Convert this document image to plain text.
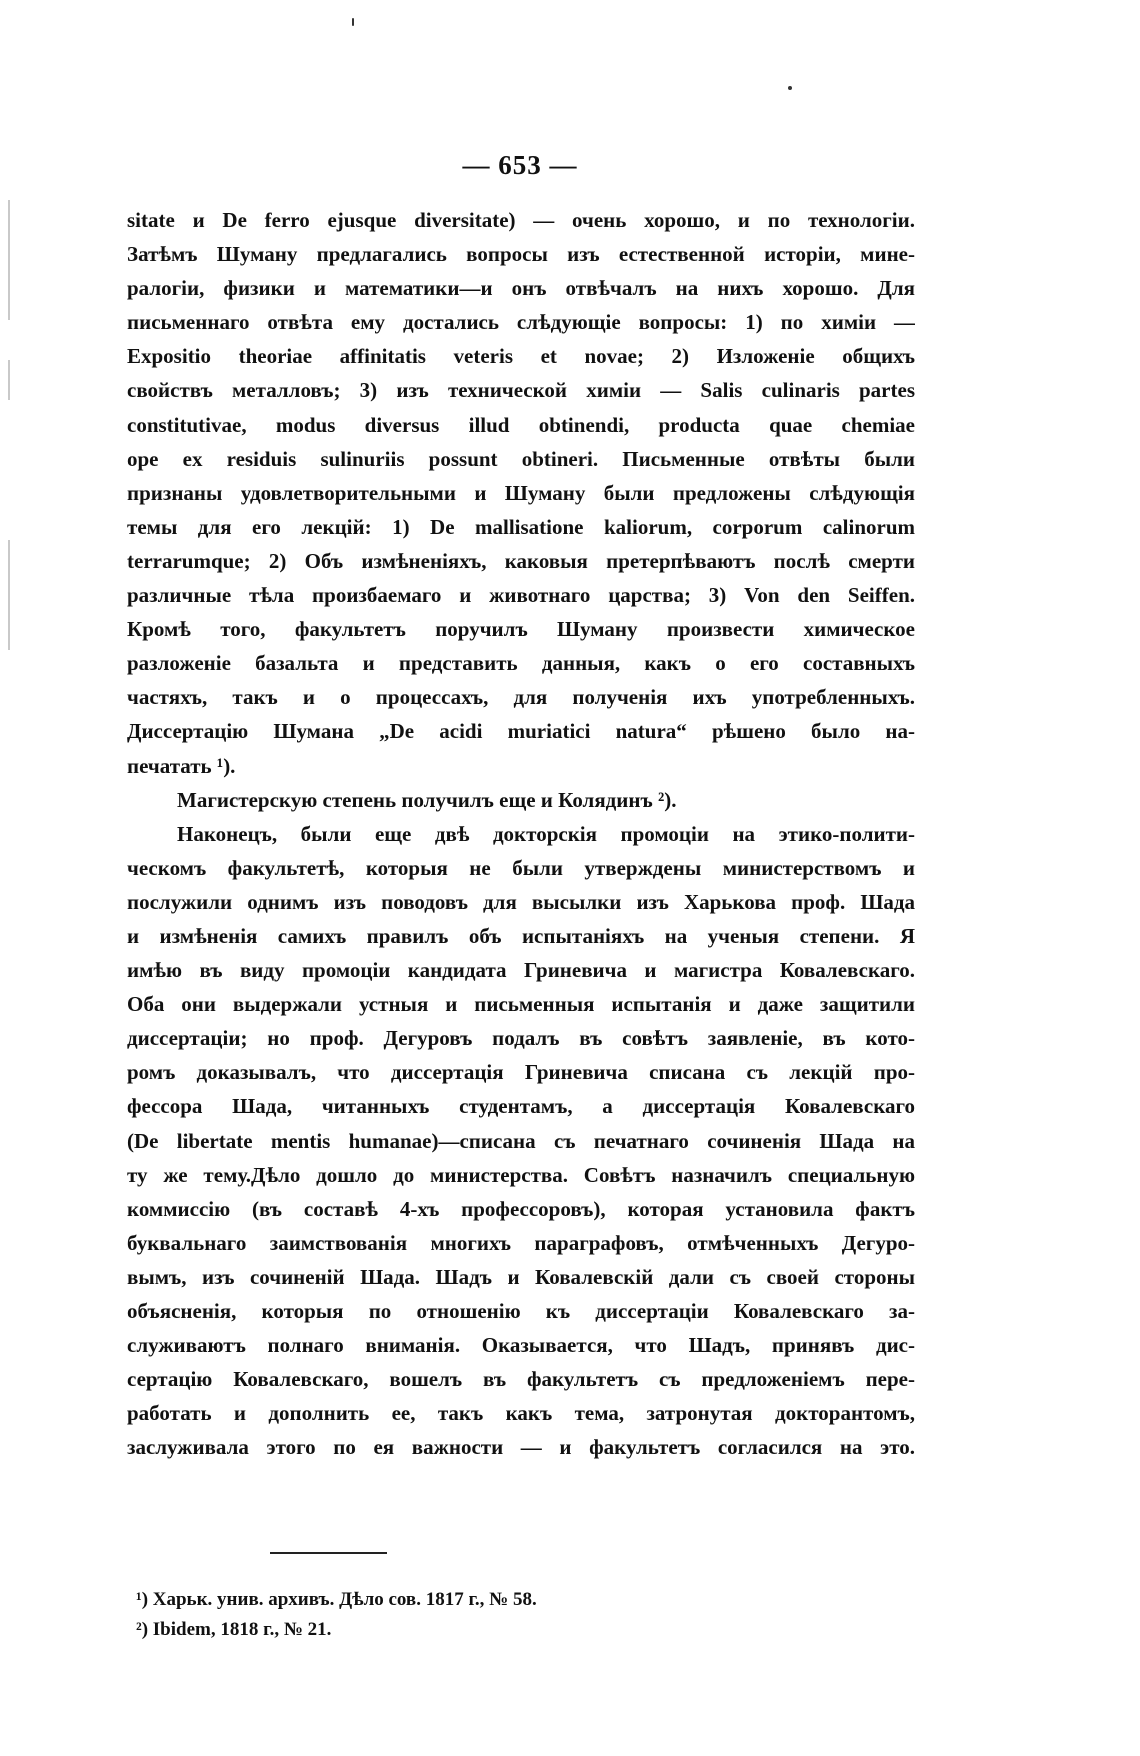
— 653 —
sitate и De ferro ejusque diversitate) — очень хорошо, и по технологіи.
Затѣмъ Шуману предлагались вопросы изъ естественной исторіи, мине-
ралогіи, физики и математики—и онъ отвѣчалъ на нихъ хорошо. Для
письменнаго отвѣта ему достались слѣдующіе вопросы: 1) по химіи —
Expositio theoriae affinitatis veteris et novae; 2) Изложеніе общихъ
свойствъ металловъ; 3) изъ технической химіи — Salis culinaris partes
constitutivae, modus diversus illud obtinendi, producta quae chemiae
ope ex residuis sulinuriis possunt obtineri. Письменные отвѣты были
признаны удовлетворительными и Шуману были предложены слѣдующія
темы для его лекцій: 1) De mallisatione kaliorum, corporum calinorum
terrarumque; 2) Объ измѣненіяхъ, каковыя претерпѣваютъ послѣ смерти
различные тѣла произбаемаго и животнаго царства; 3) Von den Seiffen.
Кромѣ того, факультетъ поручилъ Шуману произвести химическое
разложеніе базальта и представить данныя, какъ о его составныхъ
частяхъ, такъ и о процессахъ, для полученія ихъ употребленныхъ.
Диссертацію Шумана „De acidi muriatici natura“ рѣшено было на-
печатать ¹).
Магистерскую степень получилъ еще и Колядинъ ²).
Наконецъ, были еще двѣ докторскія промоціи на этико-полити-
ческомъ факультетѣ, которыя не были утверждены министерствомъ и
послужили однимъ изъ поводовъ для высылки изъ Харькова проф. Шада
и измѣненія самихъ правилъ объ испытаніяхъ на ученыя степени. Я
имѣю въ виду промоціи кандидата Гриневича и магистра Ковалевскаго.
Оба они выдержали устныя и письменныя испытанія и даже защитили
диссертаціи; но проф. Дегуровъ подалъ въ совѣтъ заявленіе, въ кото-
ромъ доказывалъ, что диссертація Гриневича списана съ лекцій про-
фессора Шада, читанныхъ студентамъ, а диссертація Ковалевскаго
(De libertate mentis humanae)—списана съ печатнаго сочиненія Шада на
ту же тему.Дѣло дошло до министерства. Совѣтъ назначилъ специальную
коммиссію (въ составѣ 4-хъ профессоровъ), которая установила фактъ
буквальнаго заимствованія многихъ параграфовъ, отмѣченныхъ Дегуро-
вымъ, изъ сочиненій Шада. Шадъ и Ковалевскій дали съ своей стороны
объясненія, которыя по отношенію къ диссертаціи Ковалевскаго за-
служиваютъ полнаго вниманія. Оказывается, что Шадъ, принявъ дис-
сертацію Ковалевскаго, вошелъ въ факультетъ съ предложеніемъ пере-
работать и дополнить ее, такъ какъ тема, затронутая докторантомъ,
заслуживала этого по ея важности — и факультетъ согласился на это.
¹) Харьк. унив. архивъ. Дѣло сов. 1817 г., № 58.
²) Ibidem, 1818 г., № 21.
